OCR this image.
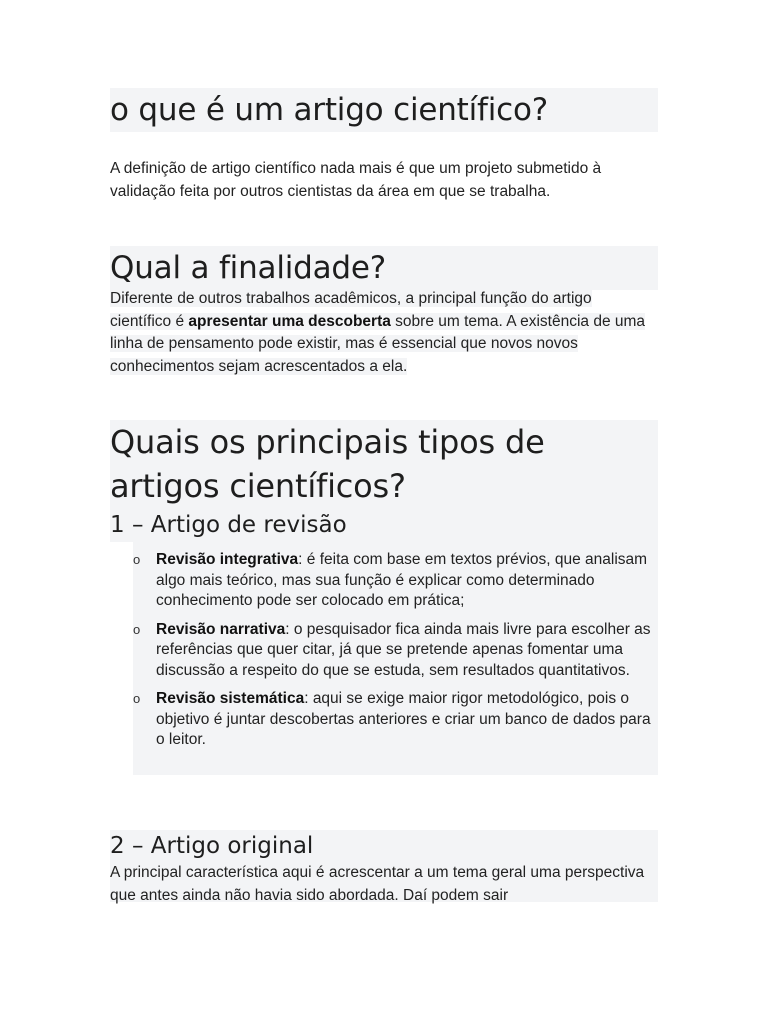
o que é um artigo científico?

A definição de artigo científico nada mais é que um projeto submetido à validação feita por outros cientistas da área em que se trabalha.

Qual a finalidade?

Diferente de outros trabalhos acadêmicos, a principal função do artigo científico é apresentar uma descoberta sobre um tema. A existência de uma linha de pensamento pode existir, mas é essencial que novos novos conhecimentos sejam acrescentados a ela.

Quais os principais tipos de artigos científicos?
1 – Artigo de revisão
o Revisão integrativa: é feita com base em textos prévios, que analisam algo mais teórico, mas sua função é explicar como determinado conhecimento pode ser colocado em prática;
o Revisão narrativa: o pesquisador fica ainda mais livre para escolher as referências que quer citar, já que se pretende apenas fomentar uma discussão a respeito do que se estuda, sem resultados quantitativos.
o Revisão sistemática: aqui se exige maior rigor metodológico, pois o objetivo é juntar descobertas anteriores e criar um banco de dados para o leitor.
2 – Artigo original

A principal característica aqui é acrescentar a um tema geral uma perspectiva que antes ainda não havia sido abordada. Daí podem sair
